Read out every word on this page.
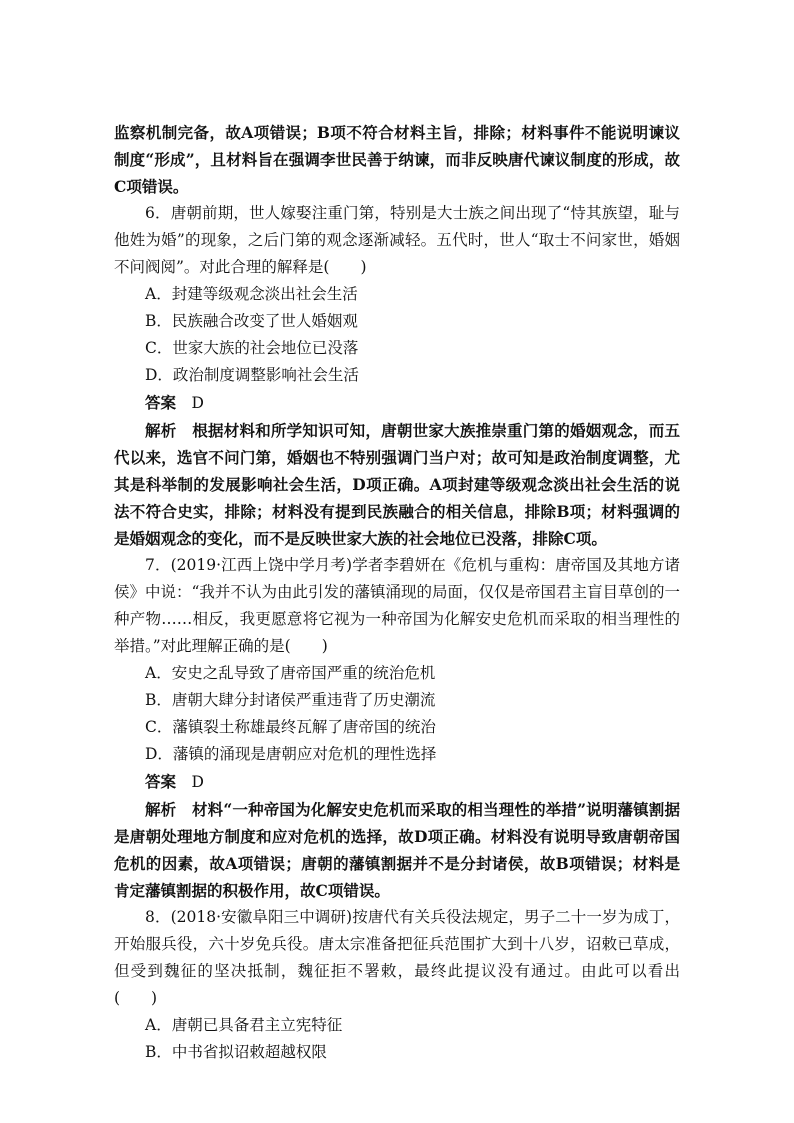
监察机制完备，故A项错误；B项不符合材料主旨，排除；材料事件不能说明谏议制度“形成”，且材料旨在强调李世民善于纳谏，而非反映唐代谏议制度的形成，故C项错误。

6．唐朝前期，世人嫁娶注重门第，特别是大士族之间出现了“恃其族望，耻与他姓为婚”的现象，之后门第的观念逐渐减轻。五代时，世人“取士不问家世，婚姻不问阀阅”。对此合理的解释是(　　)

A．封建等级观念淡出社会生活

B．民族融合改变了世人婚姻观

C．世家大族的社会地位已没落

D．政治制度调整影响社会生活

答案　 D

解析　 根据材料和所学知识可知，唐朝世家大族推崇重门第的婚姻观念，而五代以来，选官不问门第，婚姻也不特别强调门当户对；故可知是政治制度调整，尤其是科举制的发展影响社会生活，D项正确。A项封建等级观念淡出社会生活的说法不符合史实，排除；材料没有提到民族融合的相关信息，排除B项；材料强调的是婚姻观念的变化，而不是反映世家大族的社会地位已没落，排除C项。

7．(2019·江西上饶中学月考)学者李碧妍在《危机与重构：唐帝国及其地方诸侯》中说：“我并不认为由此引发的藩镇涌现的局面，仅仅是帝国君主盲目草创的一种产物……相反，我更愿意将它视为一种帝国为化解安史危机而采取的相当理性的举措。”对此理解正确的是(　　)

A．安史之乱导致了唐帝国严重的统治危机

B．唐朝大肆分封诸侯严重违背了历史潮流

C．藩镇裂土称雄最终瓦解了唐帝国的统治

D．藩镇的涌现是唐朝应对危机的理性选择

答案　 D

解析　 材料“一种帝国为化解安史危机而采取的相当理性的举措”说明藩镇割据是唐朝处理地方制度和应对危机的选择，故D项正确。材料没有说明导致唐朝帝国危机的因素，故A项错误；唐朝的藩镇割据并不是分封诸侯，故B项错误；材料是肯定藩镇割据的积极作用，故C项错误。

8．(2018·安徽阜阳三中调研)按唐代有关兵役法规定，男子二十一岁为成丁，开始服兵役，六十岁免兵役。唐太宗准备把征兵范围扩大到十八岁，诏敕已草成，但受到魏征的坚决抵制，魏征拒不署敕，最终此提议没有通过。由此可以看出(　　)

A．唐朝已具备君主立宪特征

B．中书省拟诏敕超越权限
